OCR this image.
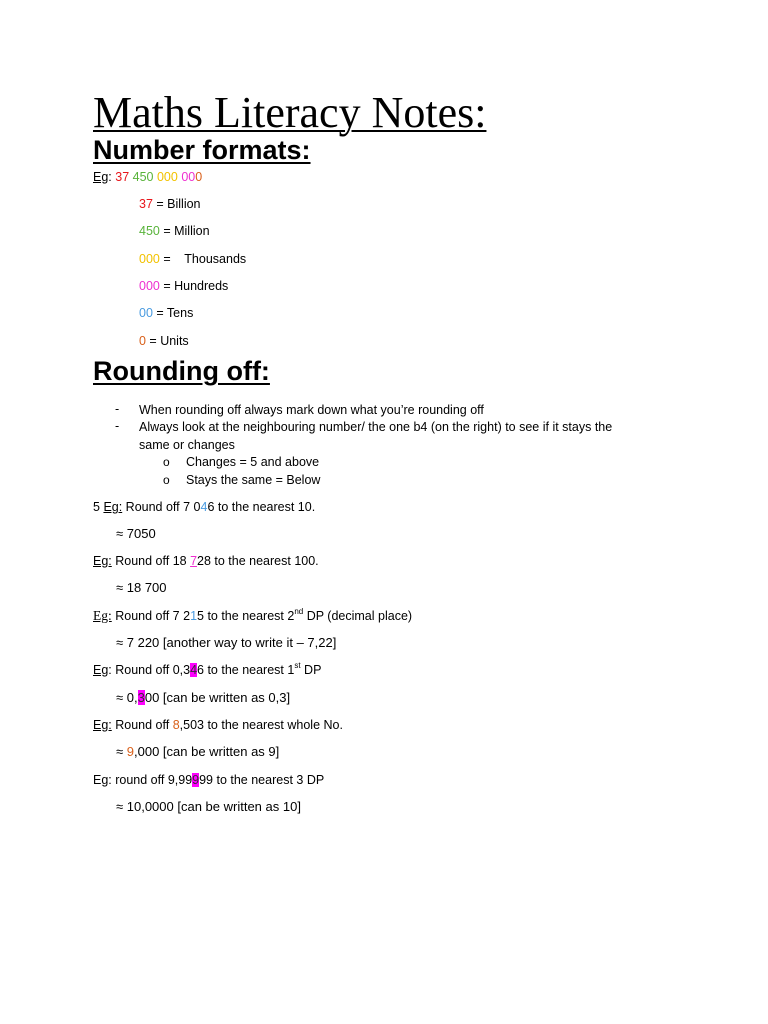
Maths Literacy Notes:
Number formats:
Eg: 37 450 000 000
37 = Billion
450 = Million
000 =    Thousands
000 = Hundreds
00 = Tens
0 = Units
Rounding off:
- When rounding off always mark down what you’re rounding off
- Always look at the neighbouring number/ the one b4 (on the right) to see if it stays the
same or changes
o Changes = 5 and above
o Stays the same = Below
5 Eg: Round off 7 046 to the nearest 10.
≈ 7050
Eg: Round off 18 728 to the nearest 100.
≈ 18 700
Eg: Round off 7 215 to the nearest 2nd DP (decimal place)
≈ 7 220 [another way to write it – 7,22]
Eg: Round off 0,346 to the nearest 1st DP
≈ 0,300 [can be written as 0,3]
Eg: Round off 8,503 to the nearest whole No.
≈ 9,000 [can be written as 9]
Eg: round off 9,99999 to the nearest 3 DP
≈ 10,0000 [can be written as 10]
